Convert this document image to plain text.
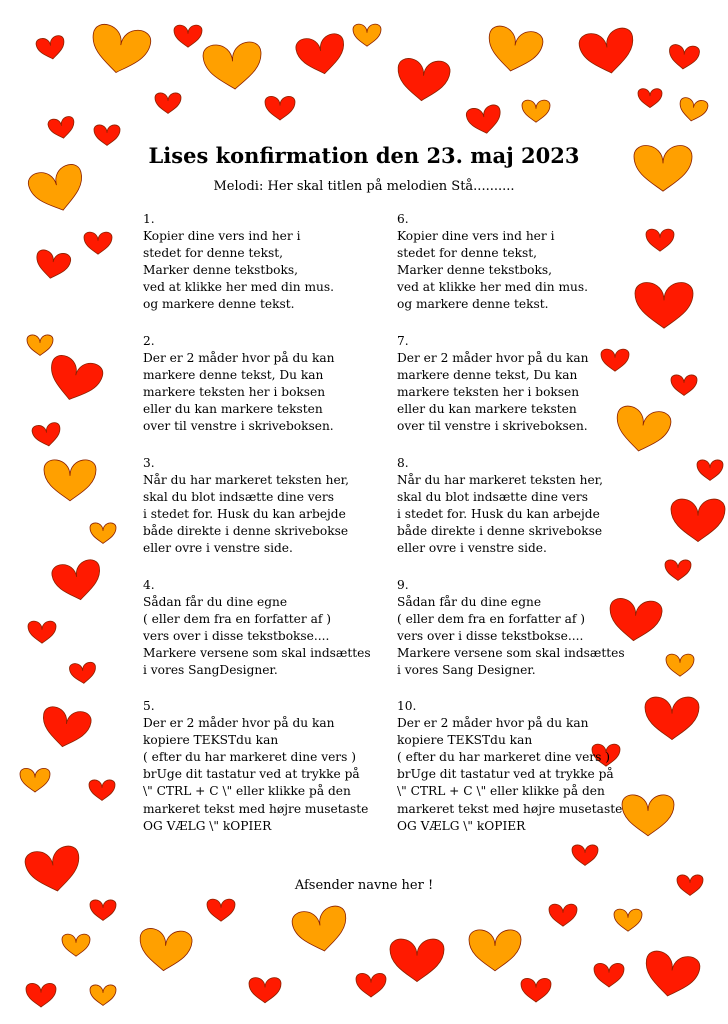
Lises konfirmation den 23. maj 2023
Melodi: Her skal titlen på melodien Stå..........
1.
Kopier dine vers ind her i
stedet for denne tekst,
Marker denne tekstboks,
ved at klikke her med din mus.
og markere denne tekst.
2.
Der er 2 måder hvor på du kan
markere denne tekst, Du kan
markere teksten her i boksen
eller du kan markere teksten
over til venstre i skriveboksen.
3.
Når du har markeret teksten her,
skal du blot indsætte dine vers
i stedet for. Husk du kan arbejde
både direkte i denne skrivebokse
eller ovre i venstre side.
4.
Sådan får du dine egne
( eller dem fra en forfatter af )
vers over i disse tekstbokse....
Markere versene som skal indsættes
i vores SangDesigner.
5.
Der er 2 måder hvor på du kan
kopiere TEKSTdu kan
( efter du har markeret dine vers )
brUge dit tastatur ved at trykke på
\" CTRL + C \" eller klikke på den
markeret tekst med højre musetaste
OG VÆLG \" kOPIER
6.
Kopier dine vers ind her i
stedet for denne tekst,
Marker denne tekstboks,
ved at klikke her med din mus.
og markere denne tekst.
7.
Der er 2 måder hvor på du kan
markere denne tekst, Du kan
markere teksten her i boksen
eller du kan markere teksten
over til venstre i skriveboksen.
8.
Når du har markeret teksten her,
skal du blot indsætte dine vers
i stedet for. Husk du kan arbejde
både direkte i denne skrivebokse
eller ovre i venstre side.
9.
Sådan får du dine egne
( eller dem fra en forfatter af )
vers over i disse tekstbokse....
Markere versene som skal indsættes
i vores Sang Designer.
10.
Der er 2 måder hvor på du kan
kopiere TEKSTdu kan
( efter du har markeret dine vers )
brUge dit tastatur ved at trykke på
\" CTRL + C \" eller klikke på den
markeret tekst med højre musetaste
OG VÆLG \" kOPIER
Afsender navne her !
